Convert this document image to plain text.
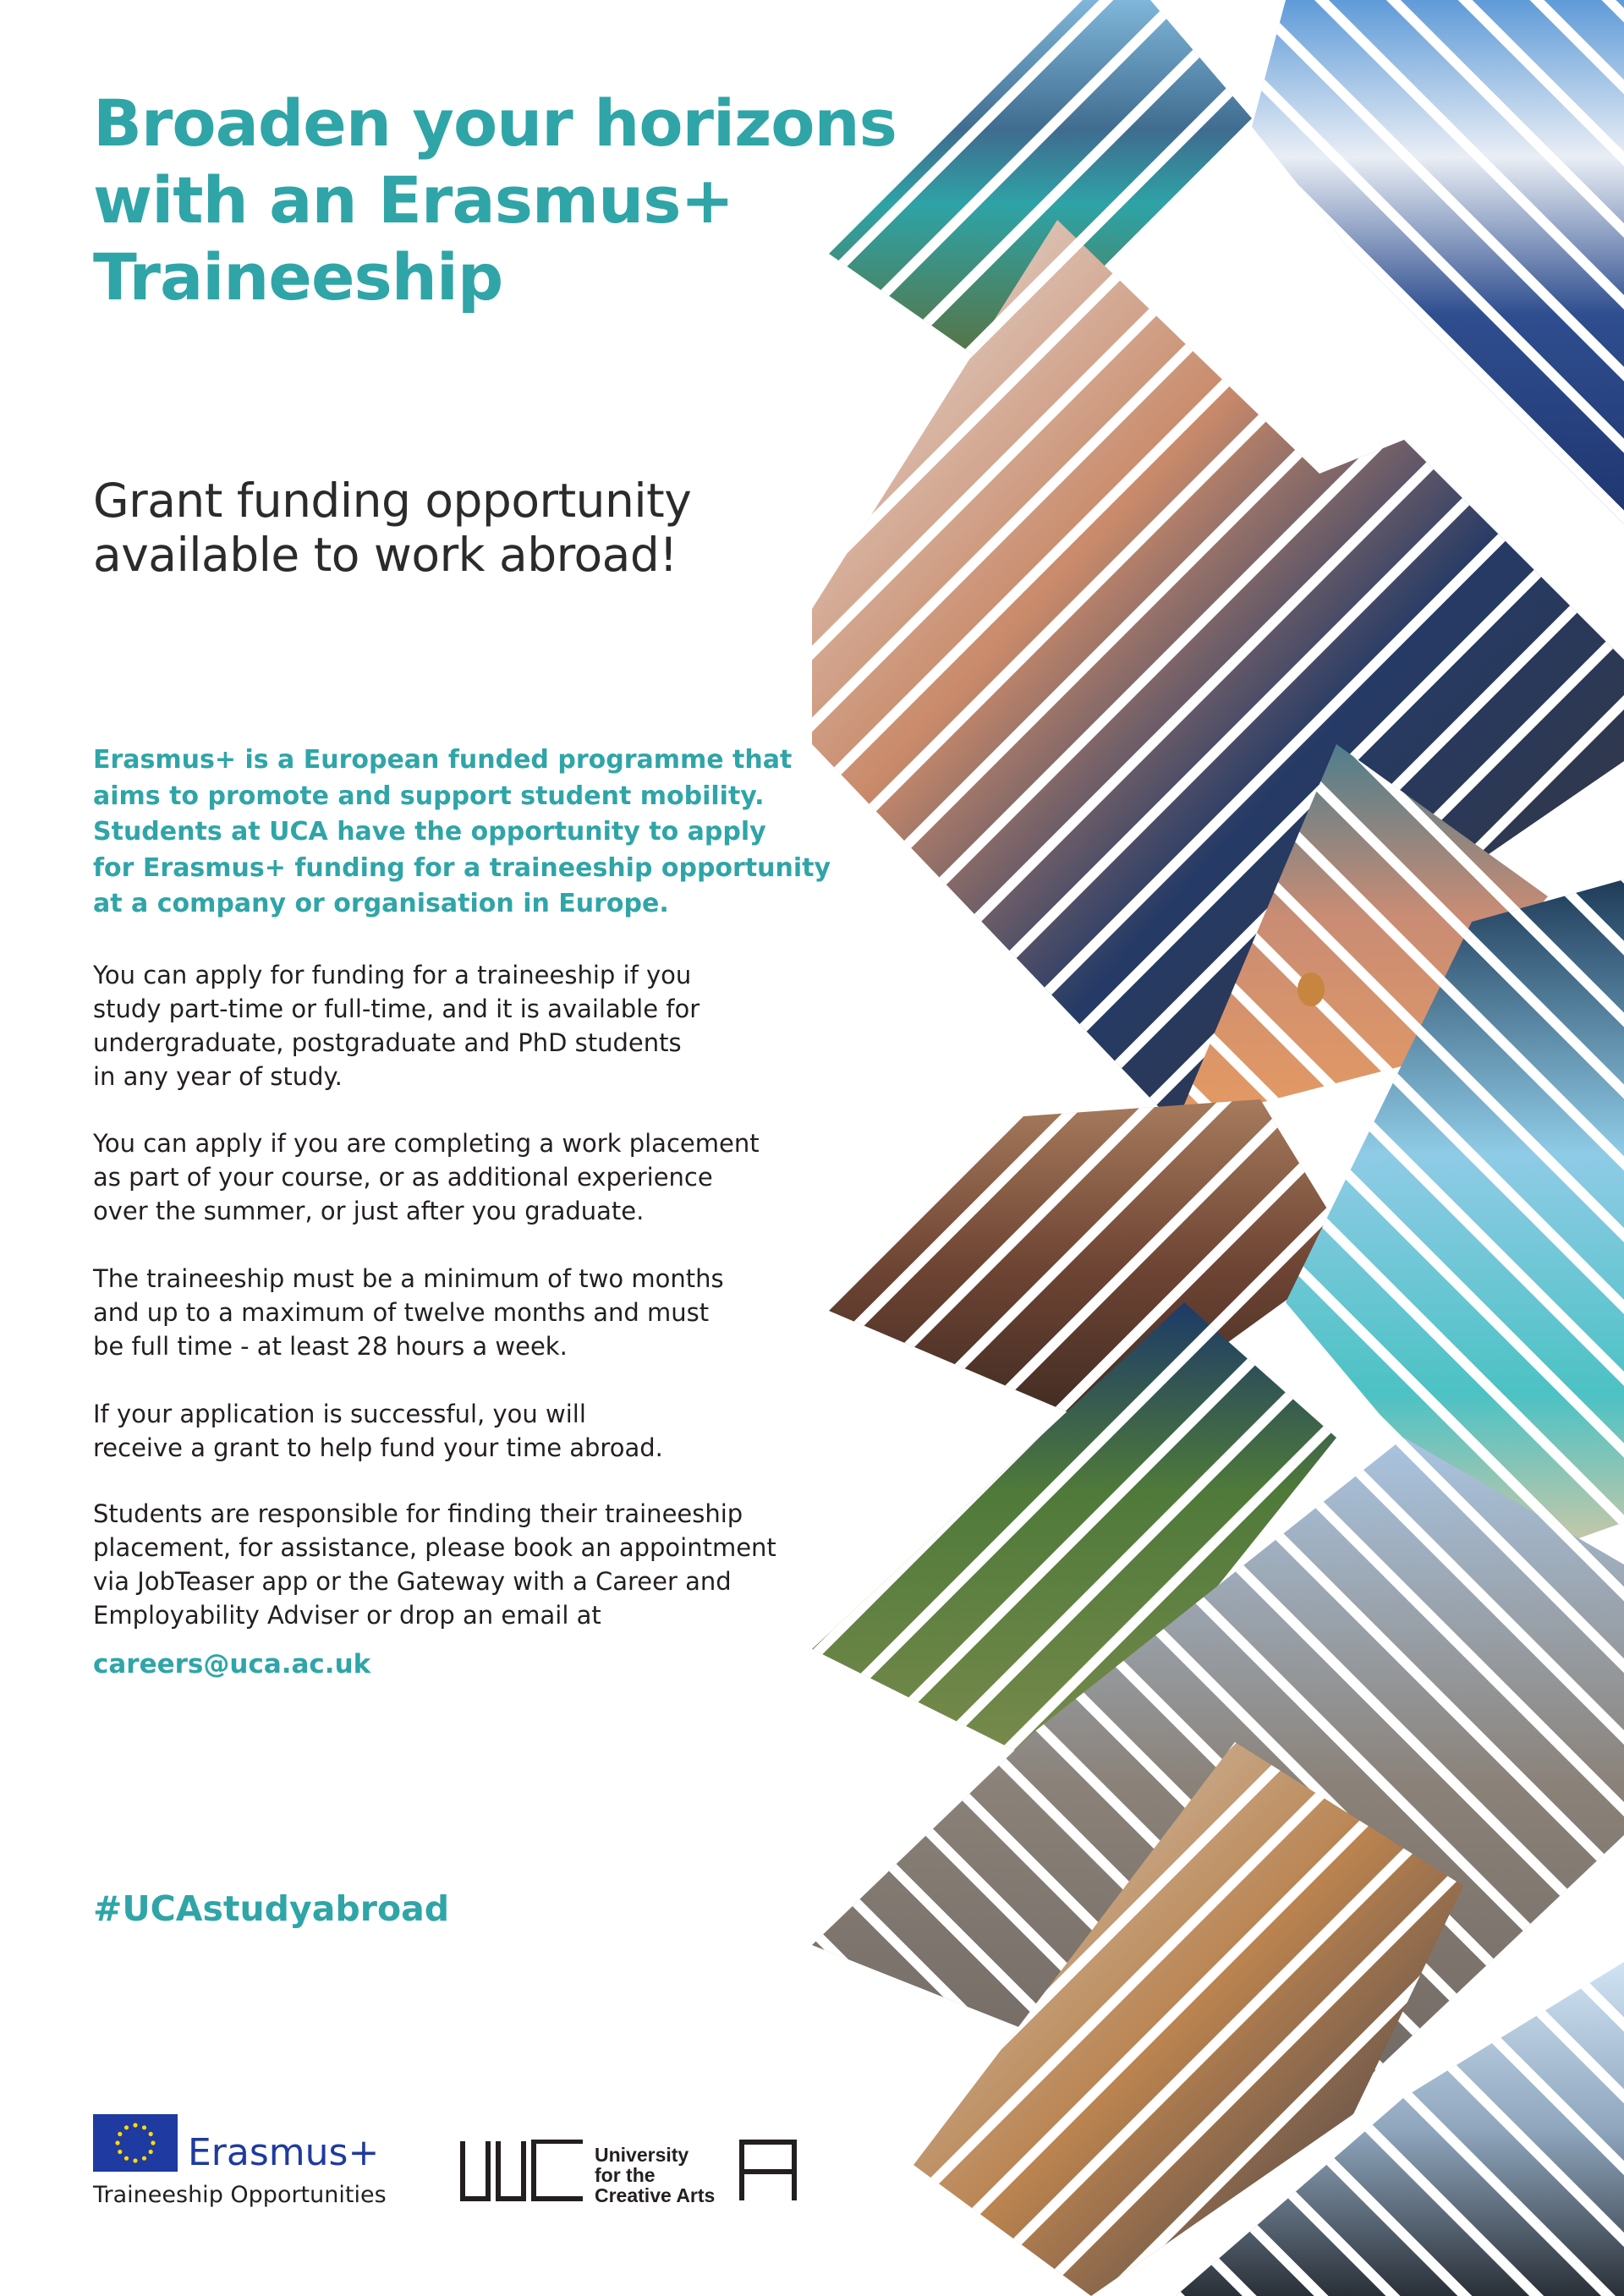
Broaden your horizons
with an Erasmus+
Traineeship
Grant funding opportunity
available to work abroad!

Erasmus+ is a European funded programme that
aims to promote and support student mobility.
Students at UCA have the opportunity to apply
for Erasmus+ funding for a traineeship opportunity
at a company or organisation in Europe.

You can apply for funding for a traineeship if you
study part-time or full-time, and it is available for
undergraduate, postgraduate and PhD students
in any year of study.

You can apply if you are completing a work placement
as part of your course, or as additional experience
over the summer, or just after you graduate.

The traineeship must be a minimum of two months
and up to a maximum of twelve months and must
be full time - at least 28 hours a week.

If your application is successful, you will
receive a grant to help fund your time abroad.

Students are responsible for finding their traineeship
placement, for assistance, please book an appointment
via JobTeaser app or the Gateway with a Career and
Employability Adviser or drop an email at

careers@uca.ac.uk

#UCAstudyabroad

Erasmus+
Traineeship Opportunities
University
for the
Creative Arts
